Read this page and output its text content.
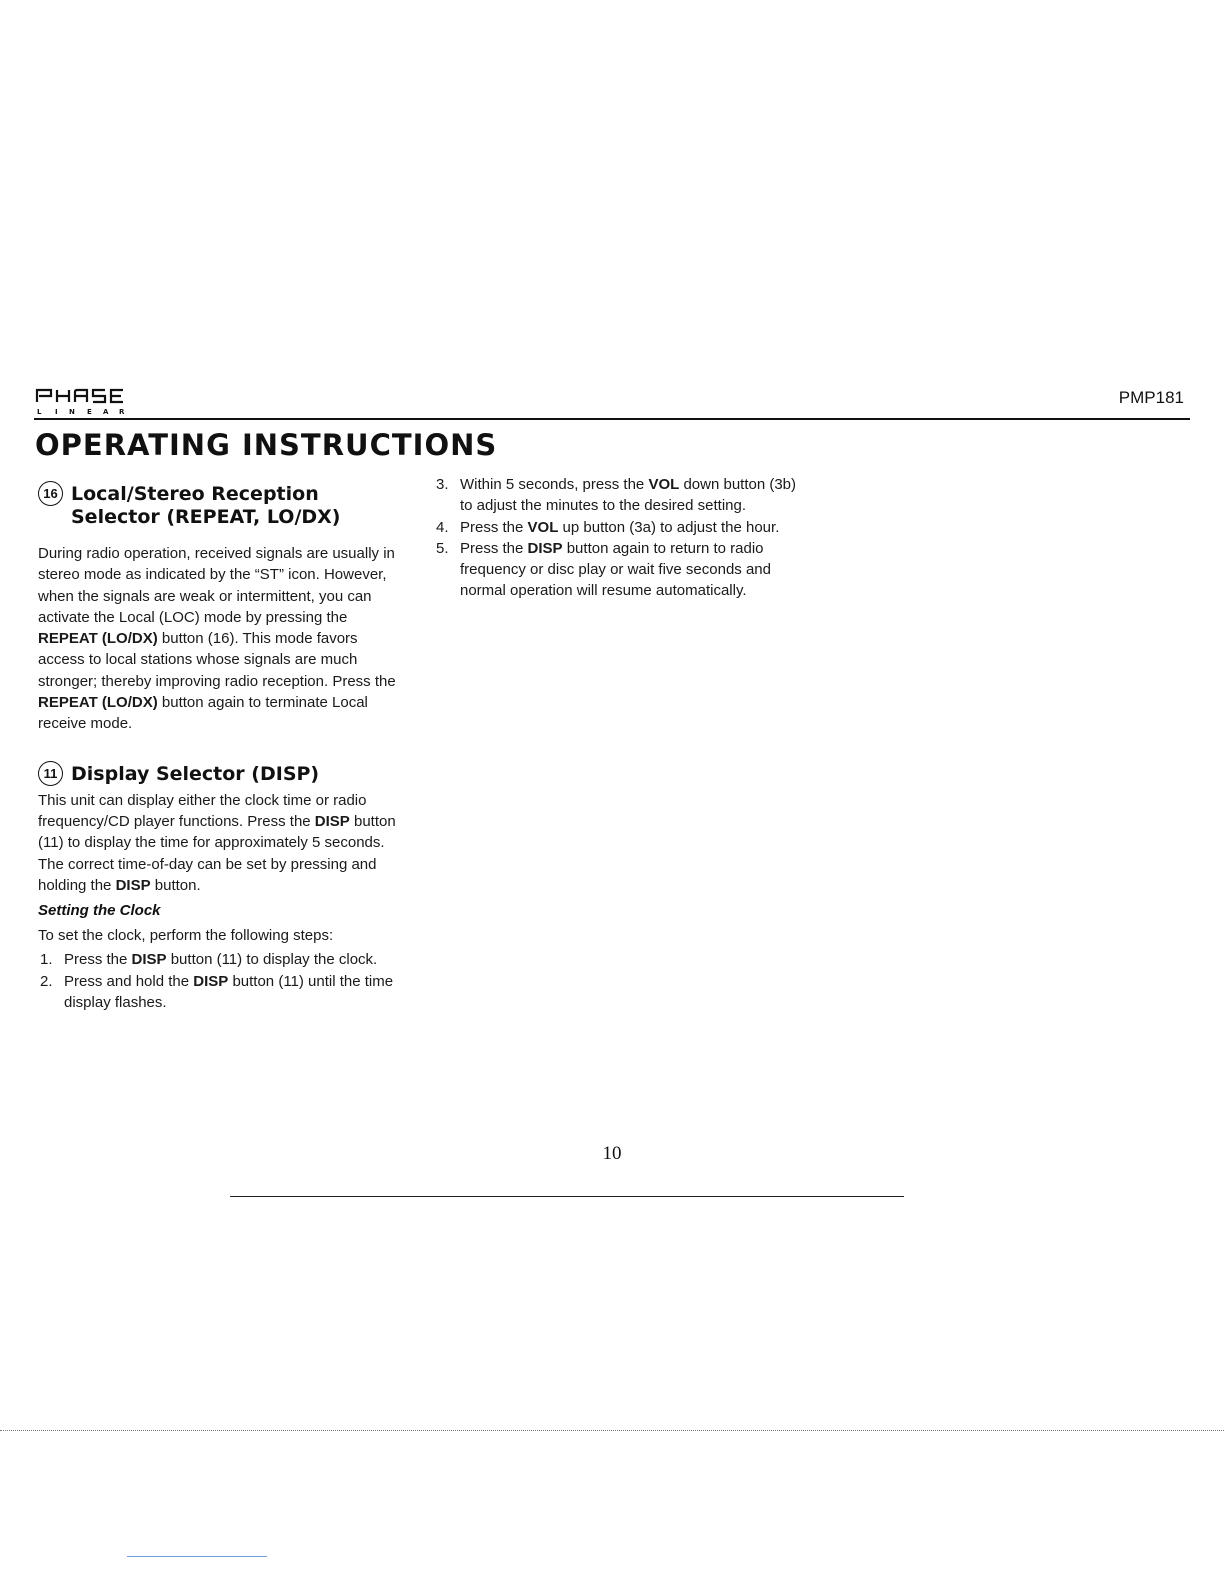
L I N E A R
PMP181
OPERATING INSTRUCTIONS
16 Local/Stereo Reception Selector (REPEAT, LO/DX)

During radio operation, received signals are usually in stereo mode as indicated by the “ST” icon. However, when the signals are weak or intermittent, you can activate the Local (LOC) mode by pressing the REPEAT (LO/DX) button (16). This mode favors access to local stations whose signals are much stronger; thereby improving radio reception. Press the REPEAT (LO/DX) button again to terminate Local receive mode.

11 Display Selector (DISP)

This unit can display either the clock time or radio frequency/CD player functions. Press the DISP button (11) to display the time for approximately 5 seconds. The correct time-of-day can be set by pressing and holding the DISP button.

Setting the Clock

To set the clock, perform the following steps:

1. Press the DISP button (11) to display the clock.
2. Press and hold the DISP button (11) until the time display flashes.
3. Within 5 seconds, press the VOL down button (3b) to adjust the minutes to the desired setting.
4. Press the VOL up button (3a) to adjust the hour.
5. Press the DISP button again to return to radio frequency or disc play or wait five seconds and normal operation will resume automatically.
10
